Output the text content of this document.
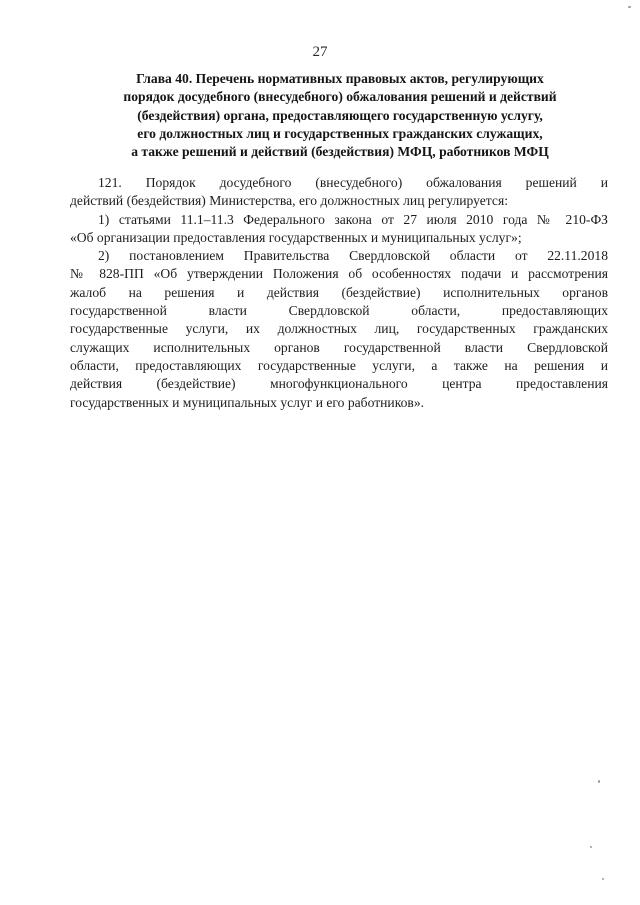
27
Глава 40. Перечень нормативных правовых актов, регулирующих
порядок досудебного (внесудебного) обжалования решений и действий
(бездействия) органа, предоставляющего государственную услугу,
его должностных лиц и государственных гражданских служащих,
а также решений и действий (бездействия) МФЦ, работников МФЦ
121. Порядок досудебного (внесудебного) обжалования решений и
действий (бездействия) Министерства, его должностных лиц регулируется:
1) статьями 11.1–11.3 Федерального закона от 27 июля 2010 года № 210-ФЗ
«Об организации предоставления государственных и муниципальных услуг»;
2) постановлением Правительства Свердловской области от 22.11.2018
№ 828-ПП «Об утверждении Положения об особенностях подачи и рассмотрения
жалоб на решения и действия (бездействие) исполнительных органов
государственной власти Свердловской области, предоставляющих
государственные услуги, их должностных лиц, государственных гражданских
служащих исполнительных органов государственной власти Свердловской
области, предоставляющих государственные услуги, а также на решения и
действия (бездействие) многофункционального центра предоставления
государственных и муниципальных услуг и его работников».
